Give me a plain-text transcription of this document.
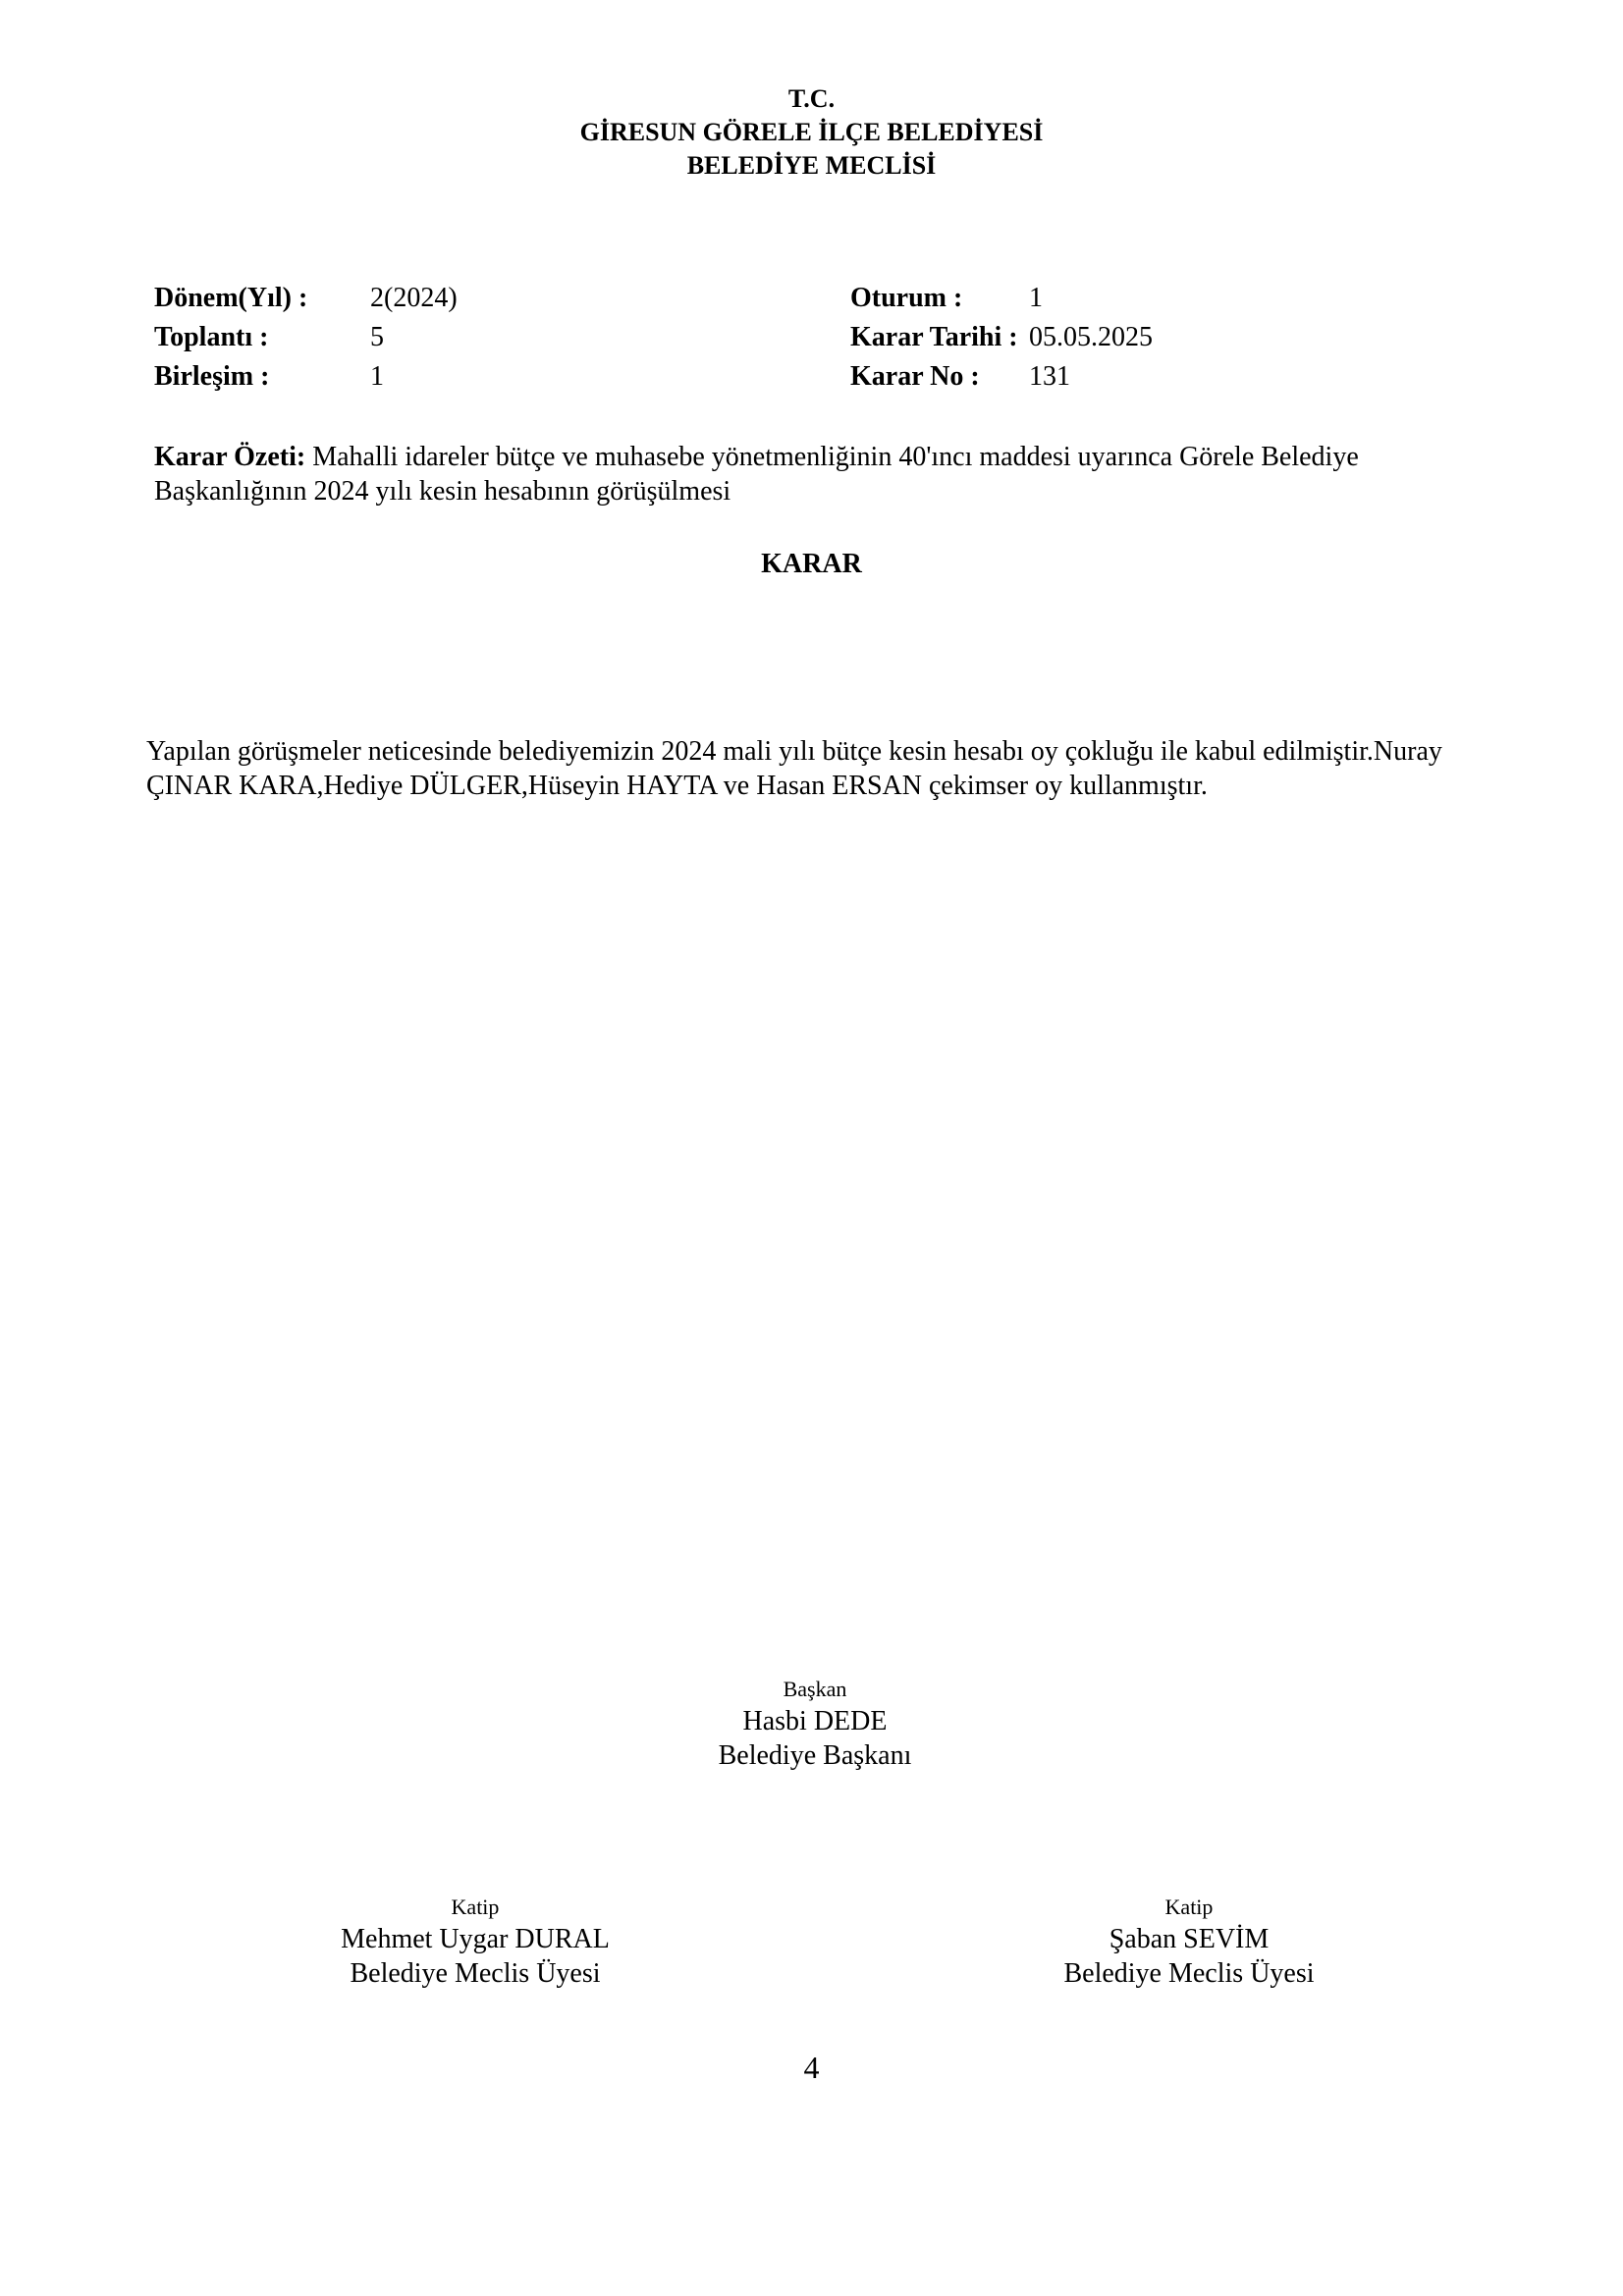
T.C.
GİRESUN GÖRELE İLÇE BELEDİYESİ
BELEDİYE MECLİSİ
Dönem(Yıl) : 2(2024)
Toplantı :	5
Birleşim :	1
Oturum : 1
Karar Tarihi : 05.05.2025
Karar No : 131
Karar Özeti: Mahalli idareler bütçe ve muhasebe yönetmenliğinin 40'ıncı maddesi uyarınca Görele Belediye
Başkanlığının 2024 yılı kesin hesabının görüşülmesi
KARAR
Yapılan görüşmeler neticesinde belediyemizin 2024 mali yılı bütçe kesin hesabı oy çokluğu ile kabul edilmiştir.Nuray
ÇINAR KARA,Hediye DÜLGER,Hüseyin HAYTA ve Hasan ERSAN çekimser oy kullanmıştır.
Başkan
Hasbi DEDE
Belediye Başkanı
Katip
Mehmet Uygar DURAL
Belediye Meclis Üyesi
Katip
Şaban SEVİM
Belediye Meclis Üyesi
4
